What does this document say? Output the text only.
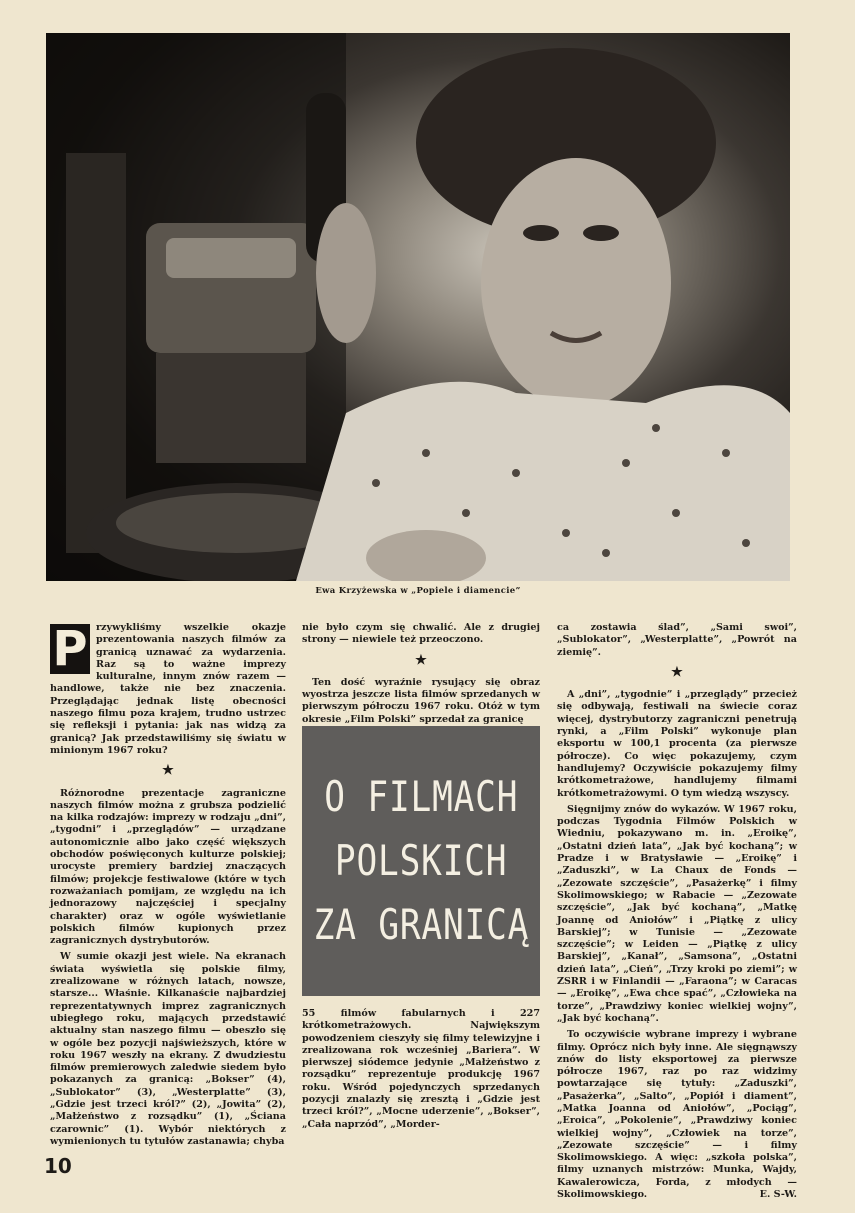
Ewa Krzyżewska w „Popiele i diamencie”

P rzywykliśmy wszelkie okazje prezentowania naszych filmów za granicą uznawać za wydarzenia. Raz są to ważne imprezy kulturalne, innym znów razem — handlowe, także nie bez znaczenia. Przeglądając jednak listę obecności naszego filmu poza krajem, trudno ustrzec się refleksji i pytania: jak nas widzą za granicą? Jak przedstawiliśmy się światu w minionym 1967 roku?

★

Różnorodne prezentacje zagraniczne naszych filmów można z grubsza podzielić na kilka rodzajów: imprezy w rodzaju „dni”, „tygodni” i „przeglądów” — urządzane autonomicznie albo jako część większych obchodów poświęconych kulturze polskiej; urocyste premiery bardziej znaczących filmów; projekcje festiwalowe (które w tych rozważaniach pomijam, ze względu na ich jednorazowy najczęściej i specjalny charakter) oraz w ogóle wyświetlanie polskich filmów kupionych przez zagranicznych dystrybutorów.

W sumie okazji jest wiele. Na ekranach świata wyświetla się polskie filmy, zrealizowane w różnych latach, nowsze, starsze... Właśnie. Kilkanaście najbardziej reprezentatywnych imprez zagranicznych ubiegłego roku, mających przedstawić aktualny stan naszego filmu — obeszło się w ogóle bez pozycji najświeższych, które w roku 1967 weszły na ekrany. Z dwudziestu filmów premierowych zaledwie siedem było pokazanych za granicą: „Bokser” (4), „Sublokator” (3), „Westerplatte” (3), „Gdzie jest trzeci król?” (2), „Jowita” (2), „Małżeństwo z rozsądku” (1), „Ściana czarownic” (1). Wybór niektórych z wymienionych tu tytułów zastanawia; chyba

nie było czym się chwalić. Ale z drugiej strony — niewiele też przeoczono.

★

Ten dość wyraźnie rysujący się obraz wyostrza jeszcze lista filmów sprzedanych w pierwszym półroczu 1967 roku. Otóż w tym okresie „Film Polski” sprzedał za granicę

O FILMACH
POLSKICH
ZA GRANICĄ

55 filmów fabularnych i 227 krótkometrażowych. Największym powodzeniem cieszyły się filmy telewizyjne i zrealizowana rok wcześniej „Bariera”. W pierwszej siódemce jedynie „Małżeństwo z rozsądku” reprezentuje produkcję 1967 roku. Wśród pojedynczych sprzedanych pozycji znalazły się zresztą i „Gdzie jest trzeci król?”, „Mocne uderzenie”, „Bokser”, „Cała naprzód”, „Morder-

ca zostawia ślad”, „Sami swoi”, „Sublokator”, „Westerplatte”, „Powrót na ziemię”.

★

A „dni”, „tygodnie” i „przeglądy” przecież się odbywają, festiwali na świecie coraz więcej, dystrybutorzy zagraniczni penetrują rynki, a „Film Polski” wykonuje plan eksportu w 100,1 procenta (za pierwsze półrocze). Co więc pokazujemy, czym handlujemy? Oczywiście pokazujemy filmy krótkometrażowe, handlujemy filmami krótkometrażowymi. O tym wiedzą wszyscy.

Sięgnijmy znów do wykazów. W 1967 roku, podczas Tygodnia Filmów Polskich w Wiedniu, pokazywano m. in. „Eroikę”, „Ostatni dzień lata”, „Jak być kochaną”; w Pradze i w Bratysławie — „Eroikę” i „Zaduszki”, w La Chaux de Fonds — „Zezowate szczęście”, „Pasażerkę” i filmy Skolimowskiego; w Rabacie — „Zezowate szczęście”, „Jak być kochaną”, „Matkę Joannę od Aniołów” i „Piątkę z ulicy Barskiej”; w Tunisie — „Zezowate szczęście”; w Leiden — „Piątkę z ulicy Barskiej”, „Kanał”, „Samsona”, „Ostatni dzień lata”, „Cień”, „Trzy kroki po ziemi”; w ZSRR i w Finlandii — „Faraona”; w Caracas — „Eroikę”, „Ewa chce spać”, „Człowieka na torze”, „Prawdziwy koniec wielkiej wojny”, „Jak być kochaną”.

To oczywiście wybrane imprezy i wybrane filmy. Oprócz nich były inne. Ale sięgnąwszy znów do listy eksportowej za pierwsze półrocze 1967, raz po raz widzimy powtarzające się tytuły: „Zaduszki”, „Pasażerka”, „Salto”, „Popiół i diament”, „Matka Joanna od Aniołów”, „Pociąg”, „Eroica”, „Pokolenie”, „Prawdziwy koniec wielkiej wojny”, „Człowiek na torze”, „Zezowate szczęście” — i filmy Skolimowskiego. A więc: „szkoła polska”, filmy uznanych mistrzów: Munka, Wajdy, Kawalerowicza, Forda, z młodych — Skolimowskiego.	E. S-W.

10
